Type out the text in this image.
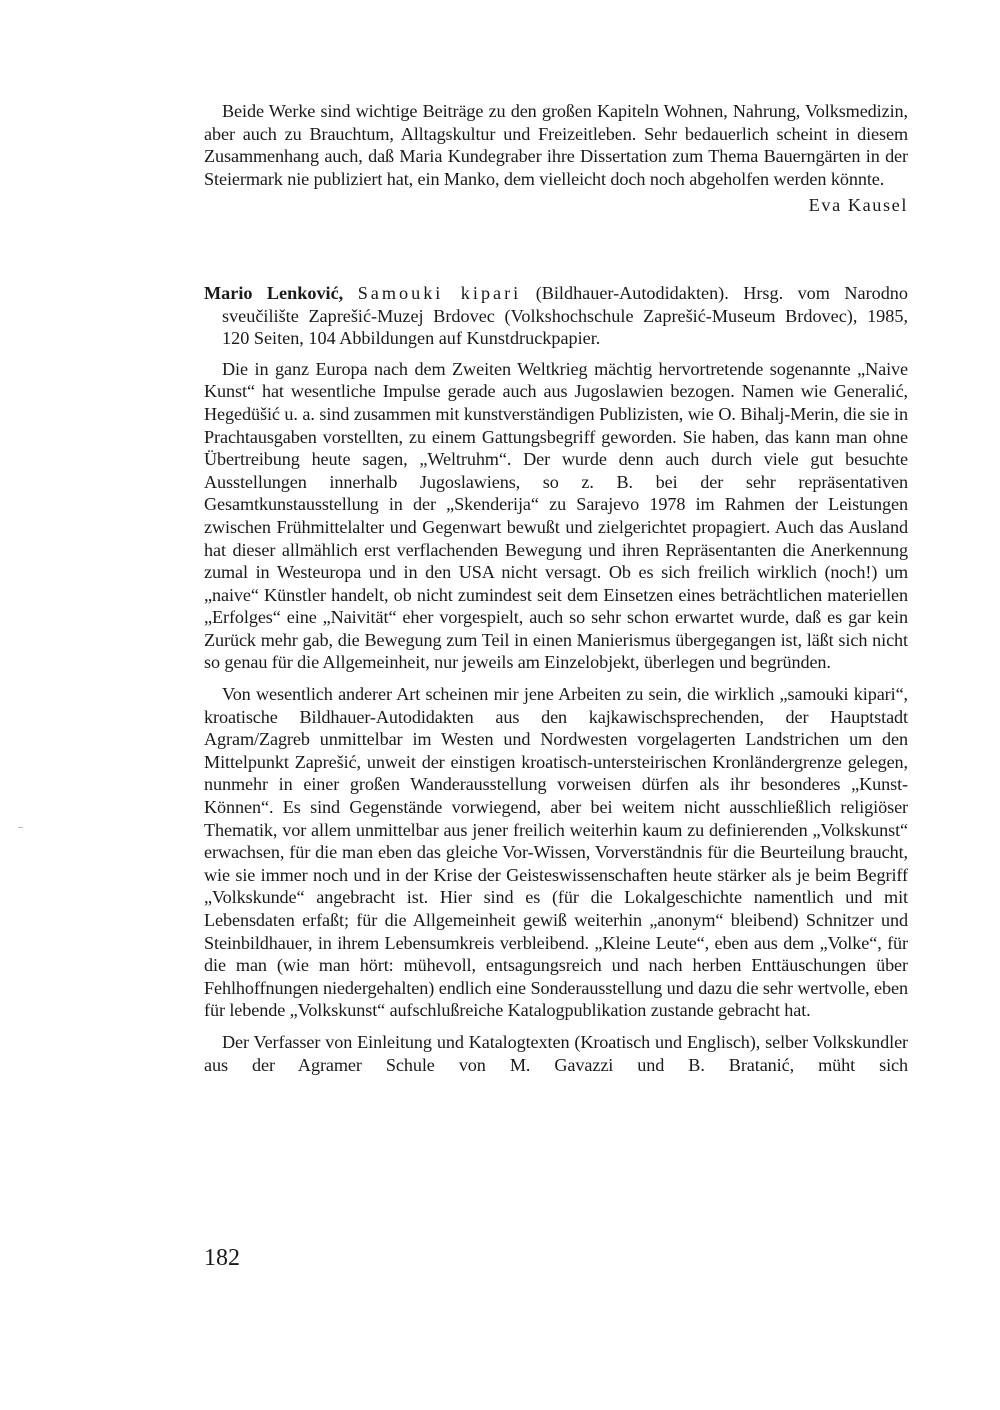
Beide Werke sind wichtige Beiträge zu den großen Kapiteln Wohnen, Nahrung, Volksmedizin, aber auch zu Brauchtum, Alltagskultur und Freizeitleben. Sehr bedauerlich scheint in diesem Zusammenhang auch, daß Maria Kundegraber ihre Dissertation zum Thema Bauerngärten in der Steiermark nie publiziert hat, ein Manko, dem vielleicht doch noch abgeholfen werden könnte.

Eva Kausel
Mario Lenković, Samouki kipari (Bildhauer-Autodidakten). Hrsg. vom Narodno sveučilište Zaprešić-Muzej Brdovec (Volkshochschule Zaprešić-Museum Brdovec), 1985, 120 Seiten, 104 Abbildungen auf Kunstdruckpapier.

Die in ganz Europa nach dem Zweiten Weltkrieg mächtig hervortretende sogenannte „Naive Kunst“ hat wesentliche Impulse gerade auch aus Jugoslawien bezogen. Namen wie Generalić, Hegedüšić u. a. sind zusammen mit kunstverständigen Publizisten, wie O. Bihalj-Merin, die sie in Prachtausgaben vorstellten, zu einem Gattungsbegriff geworden. Sie haben, das kann man ohne Übertreibung heute sagen, „Weltruhm“. Der wurde denn auch durch viele gut besuchte Ausstellungen innerhalb Jugoslawiens, so z. B. bei der sehr repräsentativen Gesamtkunstausstellung in der „Skenderija“ zu Sarajevo 1978 im Rahmen der Leistungen zwischen Frühmittelalter und Gegenwart bewußt und zielgerichtet propagiert. Auch das Ausland hat dieser allmählich erst verflachenden Bewegung und ihren Repräsentanten die Anerkennung zumal in Westeuropa und in den USA nicht versagt. Ob es sich freilich wirklich (noch!) um „naive“ Künstler handelt, ob nicht zumindest seit dem Einsetzen eines beträchtlichen materiellen „Erfolges“ eine „Naivität“ eher vorgespielt, auch so sehr schon erwartet wurde, daß es gar kein Zurück mehr gab, die Bewegung zum Teil in einen Manierismus übergegangen ist, läßt sich nicht so genau für die Allgemeinheit, nur jeweils am Einzelobjekt, überlegen und begründen.

Von wesentlich anderer Art scheinen mir jene Arbeiten zu sein, die wirklich „samouki kipari“, kroatische Bildhauer-Autodidakten aus den kajkawischsprechenden, der Hauptstadt Agram/Zagreb unmittelbar im Westen und Nordwesten vorgelagerten Landstrichen um den Mittelpunkt Zaprešić, unweit der einstigen kroatisch-untersteirischen Kronländergrenze gelegen, nunmehr in einer großen Wanderausstellung vorweisen dürfen als ihr besonderes „Kunst-Können“. Es sind Gegenstände vorwiegend, aber bei weitem nicht ausschließlich religiöser Thematik, vor allem unmittelbar aus jener freilich weiterhin kaum zu definierenden „Volkskunst“ erwachsen, für die man eben das gleiche Vor-Wissen, Vorverständnis für die Beurteilung braucht, wie sie immer noch und in der Krise der Geisteswissenschaften heute stärker als je beim Begriff „Volkskunde“ angebracht ist. Hier sind es (für die Lokalgeschichte namentlich und mit Lebensdaten erfaßt; für die Allgemeinheit gewiß weiterhin „anonym“ bleibend) Schnitzer und Steinbildhauer, in ihrem Lebensumkreis verbleibend. „Kleine Leute“, eben aus dem „Volke“, für die man (wie man hört: mühevoll, entsagungsreich und nach herben Enttäuschungen über Fehlhoffnungen niedergehalten) endlich eine Sonderausstellung und dazu die sehr wertvolle, eben für lebende „Volkskunst“ aufschlußreiche Katalogpublikation zustande gebracht hat.

Der Verfasser von Einleitung und Katalogtexten (Kroatisch und Englisch), selber Volkskundler aus der Agramer Schule von M. Gavazzi und B. Bratanić, müht sich

182
